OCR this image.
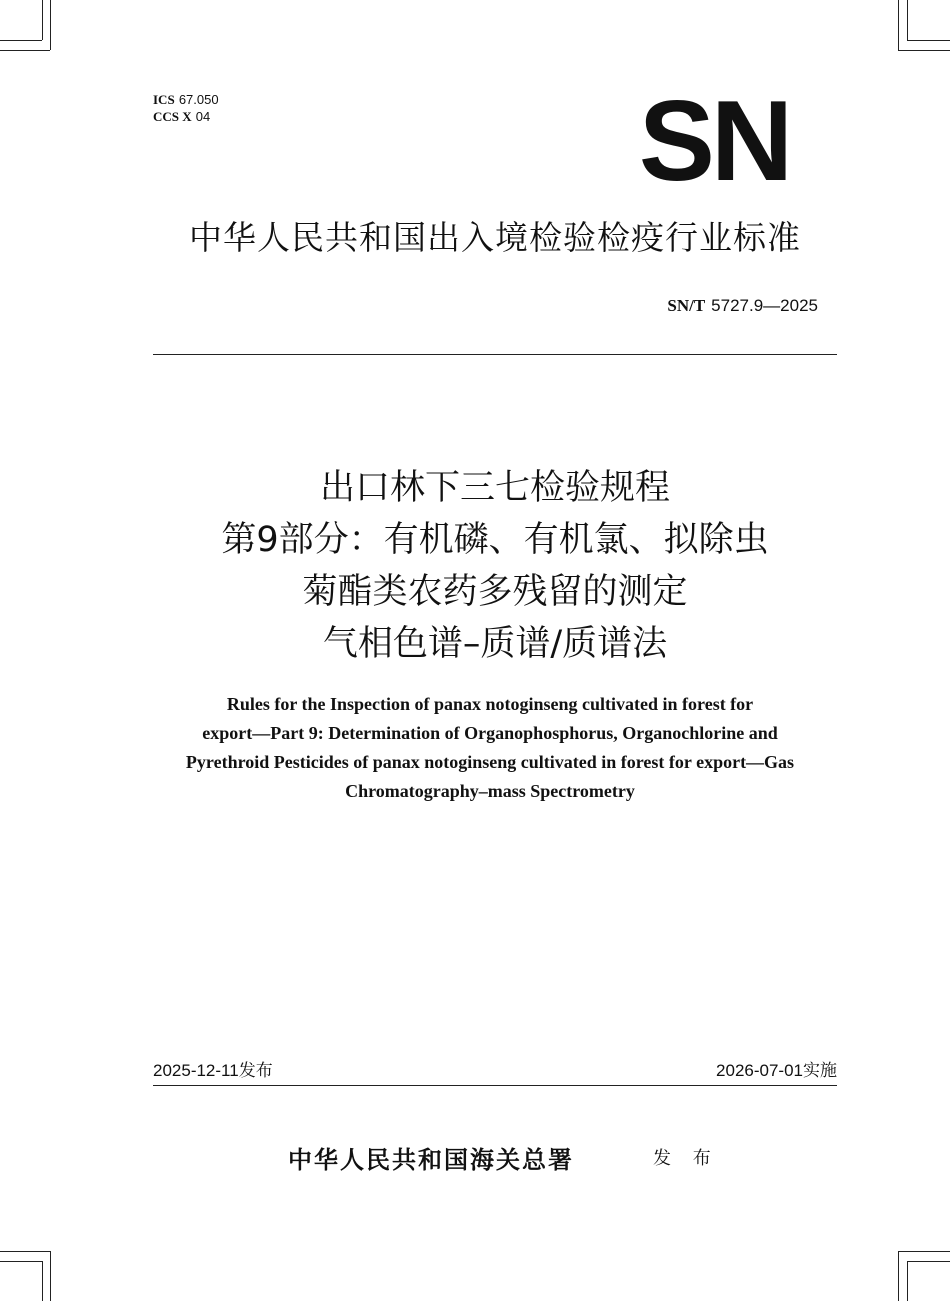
ICS 67.050
CCS X 04	SN
中华人民共和国出入境检验检疫行业标准
SN/T 5727.9—2025
出口林下三七检验规程
第9部分：有机磷、有机氯、拟除虫
菊酯类农药多残留的测定
气相色谱–质谱/质谱法
Rules for the Inspection of panax notoginseng cultivated in forest for
export—Part 9: Determination of Organophosphorus, Organochlorine and
Pyrethroid Pesticides of panax notoginseng cultivated in forest for export—Gas
Chromatography–mass Spectrometry
2025-12-11发布	2026-07-01实施
中华人民共和国海关总署	发 布
